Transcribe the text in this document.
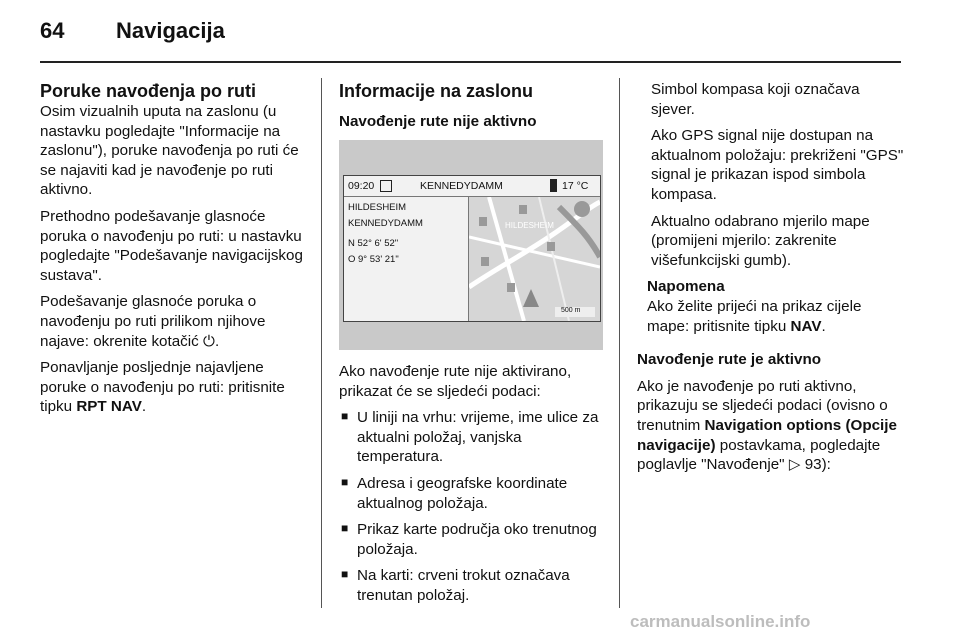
64 Navigacija

Poruke navođenja po ruti

Osim vizualnih uputa na zaslonu (u nastavku pogledajte "Informacije na zaslonu"), poruke navođenja po ruti će se najaviti kad je navođenje po ruti aktivno.

Prethodno podešavanje glasnoće poruka o navođenju po ruti: u nastavku pogledajte "Podešavanje navigacijskog sustava".

Podešavanje glasnoće poruka o navođenju po ruti prilikom njihove najave: okrenite kotačić ⏻.

Ponavljanje posljednje najavljene poruke o navođenju po ruti: pritisnite tipku RPT NAV.

Informacije na zaslonu

Navođenje rute nije aktivno

09:20	KENNEDYDAMM	17 °C
HILDESHEIM
KENNEDYDAMM
N 52° 6' 52"
O 9° 53' 21"
HILDESHEIM
500 m

Ako navođenje rute nije aktivirano, prikazat će se sljedeći podaci:

■ U liniji na vrhu: vrijeme, ime ulice za aktualni položaj, vanjska temperatura.
■ Adresa i geografske koordinate aktualnog položaja.
■ Prikaz karte područja oko trenutnog položaja.
■ Na karti: crveni trokut označava trenutan položaj.

Simbol kompasa koji označava sjever.

Ako GPS signal nije dostupan na aktualnom položaju: prekriženi "GPS" signal je prikazan ispod simbola kompasa.

Aktualno odabrano mjerilo mape (promijeni mjerilo: zakrenite višefunkcijski gumb).

Napomena
Ako želite prijeći na prikaz cijele mape: pritisnite tipku NAV.

Navođenje rute je aktivno

Ako je navođenje po ruti aktivno, prikazuju se sljedeći podaci (ovisno o trenutnim Navigation options (Opcije navigacije) postavkama, pogledajte poglavlje "Navođenje" ▷ 93):

carmanualsonline.info
